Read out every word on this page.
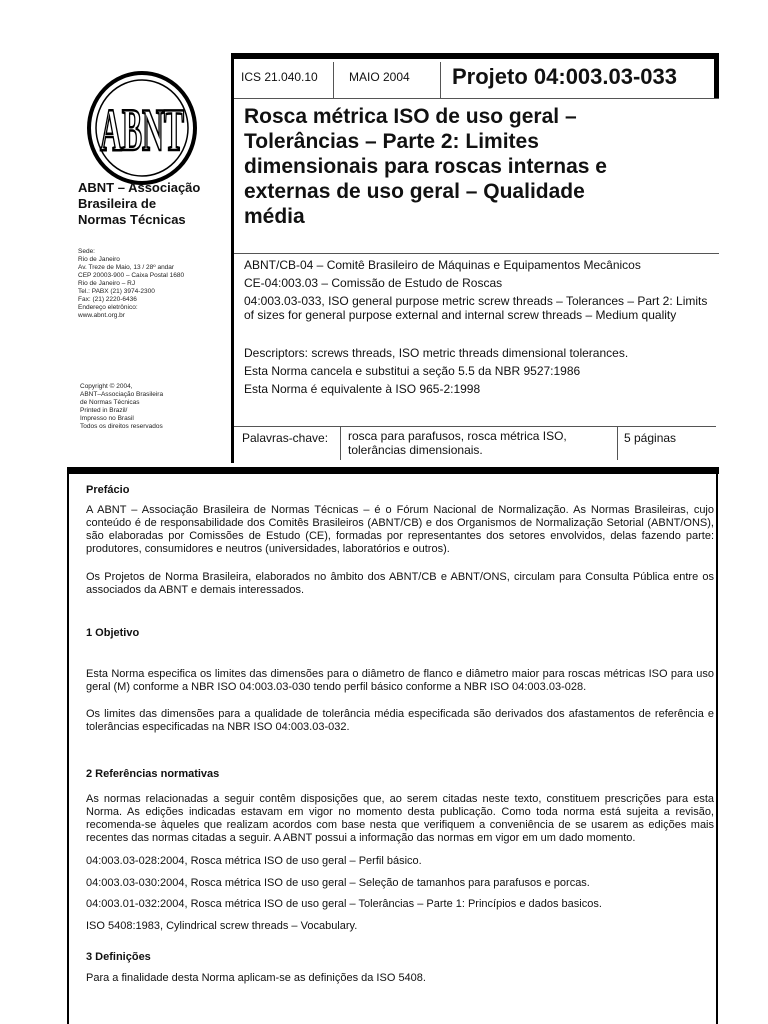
ABNT
ABNT – Associação
Brasileira de
Normas Técnicas
Sede:
Rio de Janeiro
Av. Treze de Maio, 13 / 28º andar
CEP 20003-900 – Caixa Postal 1680
Rio de Janeiro – RJ
Tel.: PABX (21) 3974-2300
Fax: (21) 2220-6436
Endereço eletrônico:
www.abnt.org.br
Copyright © 2004,
ABNT–Associação Brasileira
de Normas Técnicas
Printed in Brazil/
Impresso no Brasil
Todos os direitos reservados
ICS 21.040.10	MAIO 2004 Projeto 04:003.03-033
Rosca métrica ISO de uso geral –
Tolerâncias – Parte 2: Limites
dimensionais para roscas internas e
externas de uso geral – Qualidade
média
ABNT/CB-04 – Comitê Brasileiro de Máquinas e Equipamentos Mecânicos
CE-04:003.03 – Comissão de Estudo de Roscas
04:003.03-033, ISO general purpose metric screw threads – Tolerances – Part 2: Limits of sizes for general purpose external and internal screw threads – Medium quality
Descriptors: screws threads, ISO metric threads dimensional tolerances.
Esta Norma cancela e substitui a seção 5.5 da NBR 9527:1986
Esta Norma é equivalente à ISO 965-2:1998
Palavras-chave: rosca para parafusos, rosca métrica ISO, tolerâncias dimensionais.
5 páginas
Prefácio
A ABNT – Associação Brasileira de Normas Técnicas – é o Fórum Nacional de Normalização. As Normas Brasileiras, cujo conteúdo é de responsabilidade dos Comitês Brasileiros (ABNT/CB) e dos Organismos de Normalização Setorial (ABNT/ONS), são elaboradas por Comissões de Estudo (CE), formadas por representantes dos setores envolvidos, delas fazendo parte: produtores, consumidores e neutros (universidades, laboratórios e outros).
Os Projetos de Norma Brasileira, elaborados no âmbito dos ABNT/CB e ABNT/ONS, circulam para Consulta Pública entre os associados da ABNT e demais interessados.
1 Objetivo
Esta Norma especifica os limites das dimensões para o diâmetro de flanco e diâmetro maior para roscas métricas ISO para uso geral (M) conforme a NBR ISO 04:003.03-030 tendo perfil básico conforme a NBR ISO 04:003.03-028.
Os limites das dimensões para a qualidade de tolerância média especificada são derivados dos afastamentos de referência e tolerâncias especificadas na NBR ISO 04:003.03-032.
2 Referências normativas
As normas relacionadas a seguir contêm disposições que, ao serem citadas neste texto, constituem prescrições para esta Norma. As edições indicadas estavam em vigor no momento desta publicação. Como toda norma está sujeita a revisão, recomenda-se àqueles que realizam acordos com base nesta que verifiquem a conveniência de se usarem as edições mais recentes das normas citadas a seguir. A ABNT possui a informação das normas em vigor em um dado momento.
04:003.03-028:2004, Rosca métrica ISO de uso geral – Perfil básico.
04:003.03-030:2004, Rosca métrica ISO de uso geral – Seleção de tamanhos para parafusos e porcas.
04:003.01-032:2004, Rosca métrica ISO de uso geral – Tolerâncias – Parte 1: Princípios e dados basicos.
ISO 5408:1983, Cylindrical screw threads – Vocabulary.
3 Definições
Para a finalidade desta Norma aplicam-se as definições da ISO 5408.
